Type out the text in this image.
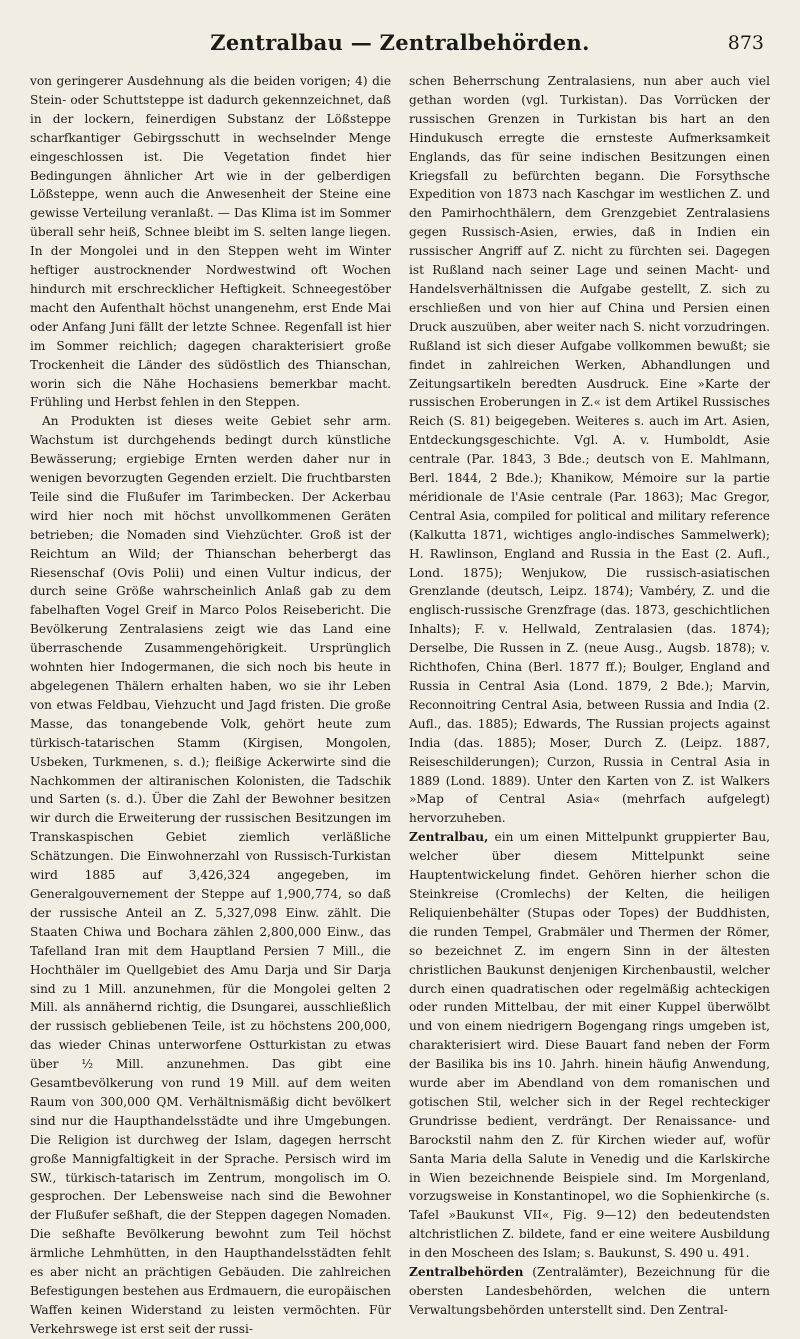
Zentralbau — Zentralbehörden.	873

von geringerer Ausdehnung als die beiden vorigen; 4) die Stein- oder Schuttsteppe ist dadurch gekennzeichnet, daß in der lockern, feinerdigen Substanz der Lößsteppe scharfkantiger Gebirgsschutt in wechselnder Menge eingeschlossen ist. Die Vegetation findet hier Bedingungen ähnlicher Art wie in der gelberdigen Lößsteppe, wenn auch die Anwesenheit der Steine eine gewisse Verteilung veranlaßt. — Das Klima ist im Sommer überall sehr heiß, Schnee bleibt im S. selten lange liegen. In der Mongolei und in den Steppen weht im Winter heftiger austrocknender Nordwestwind oft Wochen hindurch mit erschrecklicher Heftigkeit. Schneegestöber macht den Aufenthalt höchst unangenehm, erst Ende Mai oder Anfang Juni fällt der letzte Schnee. Regenfall ist hier im Sommer reichlich; dagegen charakterisiert große Trockenheit die Länder des südöstlich des Thianschan, worin sich die Nähe Hochasiens bemerkbar macht. Frühling und Herbst fehlen in den Steppen.

An Produkten ist dieses weite Gebiet sehr arm. Wachstum ist durchgehends bedingt durch künstliche Bewässerung; ergiebige Ernten werden daher nur in wenigen bevorzugten Gegenden erzielt. Die fruchtbarsten Teile sind die Flußufer im Tarimbecken. Der Ackerbau wird hier noch mit höchst unvollkommenen Geräten betrieben; die Nomaden sind Viehzüchter. Groß ist der Reichtum an Wild; der Thianschan beherbergt das Riesenschaf (Ovis Polii) und einen Vultur indicus, der durch seine Größe wahrscheinlich Anlaß gab zu dem fabelhaften Vogel Greif in Marco Polos Reisebericht. Die Bevölkerung Zentralasiens zeigt wie das Land eine überraschende Zusammengehörigkeit. Ursprünglich wohnten hier Indogermanen, die sich noch bis heute in abgelegenen Thälern erhalten haben, wo sie ihr Leben von etwas Feldbau, Viehzucht und Jagd fristen. Die große Masse, das tonangebende Volk, gehört heute zum türkisch-tatarischen Stamm (Kirgisen, Mongolen, Usbeken, Turkmenen, s. d.); fleißige Ackerwirte sind die Nachkommen der altiranischen Kolonisten, die Tadschik und Sarten (s. d.). Über die Zahl der Bewohner besitzen wir durch die Erweiterung der russischen Besitzungen im Transkaspischen Gebiet ziemlich verläßliche Schätzungen. Die Einwohnerzahl von Russisch-Turkistan wird 1885 auf 3,426,324 angegeben, im Generalgouvernement der Steppe auf 1,900,774, so daß der russische Anteil an Z. 5,327,098 Einw. zählt. Die Staaten Chiwa und Bochara zählen 2,800,000 Einw., das Tafelland Iran mit dem Hauptland Persien 7 Mill., die Hochthäler im Quellgebiet des Amu Darja und Sir Darja sind zu 1 Mill. anzunehmen, für die Mongolei gelten 2 Mill. als annähernd richtig, die Dsungarei, ausschließlich der russisch gebliebenen Teile, ist zu höchstens 200,000, das wieder Chinas unterworfene Ostturkistan zu etwas über ½ Mill. anzunehmen. Das gibt eine Gesamtbevölkerung von rund 19 Mill. auf dem weiten Raum von 300,000 QM. Verhältnismäßig dicht bevölkert sind nur die Haupthandelsstädte und ihre Umgebungen. Die Religion ist durchweg der Islam, dagegen herrscht große Mannigfaltigkeit in der Sprache. Persisch wird im SW., türkisch-tatarisch im Zentrum, mongolisch im O. gesprochen. Der Lebensweise nach sind die Bewohner der Flußufer seßhaft, die der Steppen dagegen Nomaden. Die seßhafte Bevölkerung bewohnt zum Teil höchst ärmliche Lehmhütten, in den Haupthandelsstädten fehlt es aber nicht an prächtigen Gebäuden. Die zahlreichen Befestigungen bestehen aus Erdmauern, die europäischen Waffen keinen Widerstand zu leisten vermöchten. Für Verkehrswege ist erst seit der russi-

schen Beherrschung Zentralasiens, nun aber auch viel gethan worden (vgl. Turkistan). Das Vorrücken der russischen Grenzen in Turkistan bis hart an den Hindukusch erregte die ernsteste Aufmerksamkeit Englands, das für seine indischen Besitzungen einen Kriegsfall zu befürchten begann. Die Forsythsche Expedition von 1873 nach Kaschgar im westlichen Z. und den Pamirhochthälern, dem Grenzgebiet Zentralasiens gegen Russisch-Asien, erwies, daß in Indien ein russischer Angriff auf Z. nicht zu fürchten sei. Dagegen ist Rußland nach seiner Lage und seinen Macht- und Handelsverhältnissen die Aufgabe gestellt, Z. sich zu erschließen und von hier auf China und Persien einen Druck auszuüben, aber weiter nach S. nicht vorzudringen. Rußland ist sich dieser Aufgabe vollkommen bewußt; sie findet in zahlreichen Werken, Abhandlungen und Zeitungsartikeln beredten Ausdruck. Eine »Karte der russischen Eroberungen in Z.« ist dem Artikel Russisches Reich (S. 81) beigegeben. Weiteres s. auch im Art. Asien, Entdeckungsgeschichte. Vgl. A. v. Humboldt, Asie centrale (Par. 1843, 3 Bde.; deutsch von E. Mahlmann, Berl. 1844, 2 Bde.); Khanikow, Mémoire sur la partie méridionale de l'Asie centrale (Par. 1863); Mac Gregor, Central Asia, compiled for political and military reference (Kalkutta 1871, wichtiges anglo-indisches Sammelwerk); H. Rawlinson, England and Russia in the East (2. Aufl., Lond. 1875); Wenjukow, Die russisch-asiatischen Grenzlande (deutsch, Leipz. 1874); Vambéry, Z. und die englisch-russische Grenzfrage (das. 1873, geschichtlichen Inhalts); F. v. Hellwald, Zentralasien (das. 1874); Derselbe, Die Russen in Z. (neue Ausg., Augsb. 1878); v. Richthofen, China (Berl. 1877 ff.); Boulger, England and Russia in Central Asia (Lond. 1879, 2 Bde.); Marvin, Reconnoitring Central Asia, between Russia and India (2. Aufl., das. 1885); Edwards, The Russian projects against India (das. 1885); Moser, Durch Z. (Leipz. 1887, Reiseschilderungen); Curzon, Russia in Central Asia in 1889 (Lond. 1889). Unter den Karten von Z. ist Walkers »Map of Central Asia« (mehrfach aufgelegt) hervorzuheben.

Zentralbau, ein um einen Mittelpunkt gruppierter Bau, welcher über diesem Mittelpunkt seine Hauptentwickelung findet. Gehören hierher schon die Steinkreise (Cromlechs) der Kelten, die heiligen Reliquienbehälter (Stupas oder Topes) der Buddhisten, die runden Tempel, Grabmäler und Thermen der Römer, so bezeichnet Z. im engern Sinn in der ältesten christlichen Baukunst denjenigen Kirchenbaustil, welcher durch einen quadratischen oder regelmäßig achteckigen oder runden Mittelbau, der mit einer Kuppel überwölbt und von einem niedrigern Bogengang rings umgeben ist, charakterisiert wird. Diese Bauart fand neben der Form der Basilika bis ins 10. Jahrh. hinein häufig Anwendung, wurde aber im Abendland von dem romanischen und gotischen Stil, welcher sich in der Regel rechteckiger Grundrisse bedient, verdrängt. Der Renaissance- und Barockstil nahm den Z. für Kirchen wieder auf, wofür Santa Maria della Salute in Venedig und die Karlskirche in Wien bezeichnende Beispiele sind. Im Morgenland, vorzugsweise in Konstantinopel, wo die Sophienkirche (s. Tafel »Baukunst VII«, Fig. 9—12) den bedeutendsten altchristlichen Z. bildete, fand er eine weitere Ausbildung in den Moscheen des Islam; s. Baukunst, S. 490 u. 491.

Zentralbehörden (Zentralämter), Bezeichnung für die obersten Landesbehörden, welchen die untern Verwaltungsbehörden unterstellt sind. Den Zentral-
